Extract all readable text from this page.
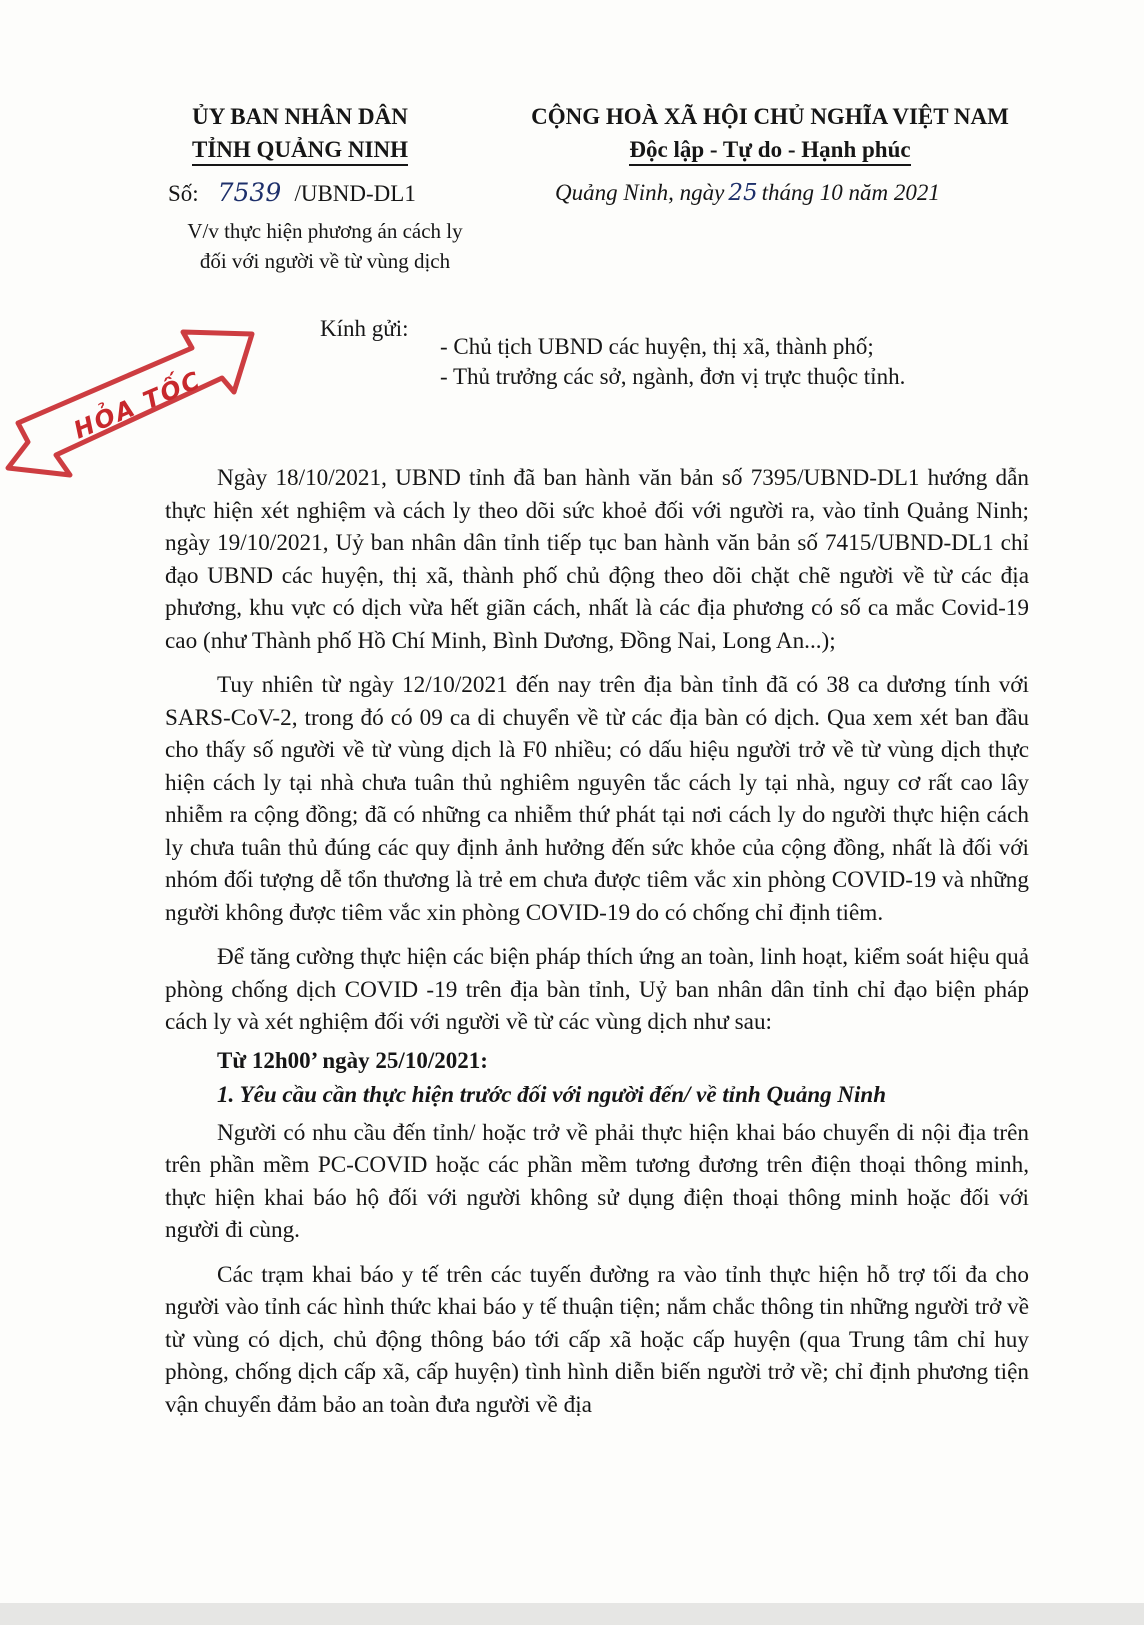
ỦY BAN NHÂN DÂN
TỈNH QUẢNG NINH
CỘNG HOÀ XÃ HỘI CHỦ NGHĨA VIỆT NAM
Độc lập - Tự do - Hạnh phúc
Số: 7539 /UBND-DL1
V/v thực hiện phương án cách ly
đối với người về từ vùng dịch
Quảng Ninh, ngày 25 tháng 10 năm 2021
Kính gửi:
- Chủ tịch UBND các huyện, thị xã, thành phố;
- Thủ trưởng các sở, ngành, đơn vị trực thuộc tỉnh.
HỎA TỐC

Ngày 18/10/2021, UBND tỉnh đã ban hành văn bản số 7395/UBND-DL1 hướng dẫn thực hiện xét nghiệm và cách ly theo dõi sức khoẻ đối với người ra, vào tỉnh Quảng Ninh; ngày 19/10/2021, Uỷ ban nhân dân tỉnh tiếp tục ban hành văn bản số 7415/UBND-DL1 chỉ đạo UBND các huyện, thị xã, thành phố chủ động theo dõi chặt chẽ người về từ các địa phương, khu vực có dịch vừa hết giãn cách, nhất là các địa phương có số ca mắc Covid-19 cao (như Thành phố Hồ Chí Minh, Bình Dương, Đồng Nai, Long An...);

Tuy nhiên từ ngày 12/10/2021 đến nay trên địa bàn tỉnh đã có 38 ca dương tính với SARS-CoV-2, trong đó có 09 ca di chuyển về từ các địa bàn có dịch. Qua xem xét ban đầu cho thấy số người về từ vùng dịch là F0 nhiều; có dấu hiệu người trở về từ vùng dịch thực hiện cách ly tại nhà chưa tuân thủ nghiêm nguyên tắc cách ly tại nhà, nguy cơ rất cao lây nhiễm ra cộng đồng; đã có những ca nhiễm thứ phát tại nơi cách ly do người thực hiện cách ly chưa tuân thủ đúng các quy định ảnh hưởng đến sức khỏe của cộng đồng, nhất là đối với nhóm đối tượng dễ tổn thương là trẻ em chưa được tiêm vắc xin phòng COVID-19 và những người không được tiêm vắc xin phòng COVID-19 do có chống chỉ định tiêm.

Để tăng cường thực hiện các biện pháp thích ứng an toàn, linh hoạt, kiểm soát hiệu quả phòng chống dịch COVID -19 trên địa bàn tỉnh, Uỷ ban nhân dân tỉnh chỉ đạo biện pháp cách ly và xét nghiệm đối với người về từ các vùng dịch như sau:

Từ 12h00’ ngày 25/10/2021:
1. Yêu cầu cần thực hiện trước đối với người đến/ về tỉnh Quảng Ninh

Người có nhu cầu đến tỉnh/ hoặc trở về phải thực hiện khai báo chuyển di nội địa trên trên phần mềm PC-COVID hoặc các phần mềm tương đương trên điện thoại thông minh, thực hiện khai báo hộ đối với người không sử dụng điện thoại thông minh hoặc đối với người đi cùng.

Các trạm khai báo y tế trên các tuyến đường ra vào tỉnh thực hiện hỗ trợ tối đa cho người vào tỉnh các hình thức khai báo y tế thuận tiện; nắm chắc thông tin những người trở về từ vùng có dịch, chủ động thông báo tới cấp xã hoặc cấp huyện (qua Trung tâm chỉ huy phòng, chống dịch cấp xã, cấp huyện) tình hình diễn biến người trở về; chỉ định phương tiện vận chuyển đảm bảo an toàn đưa người về địa
